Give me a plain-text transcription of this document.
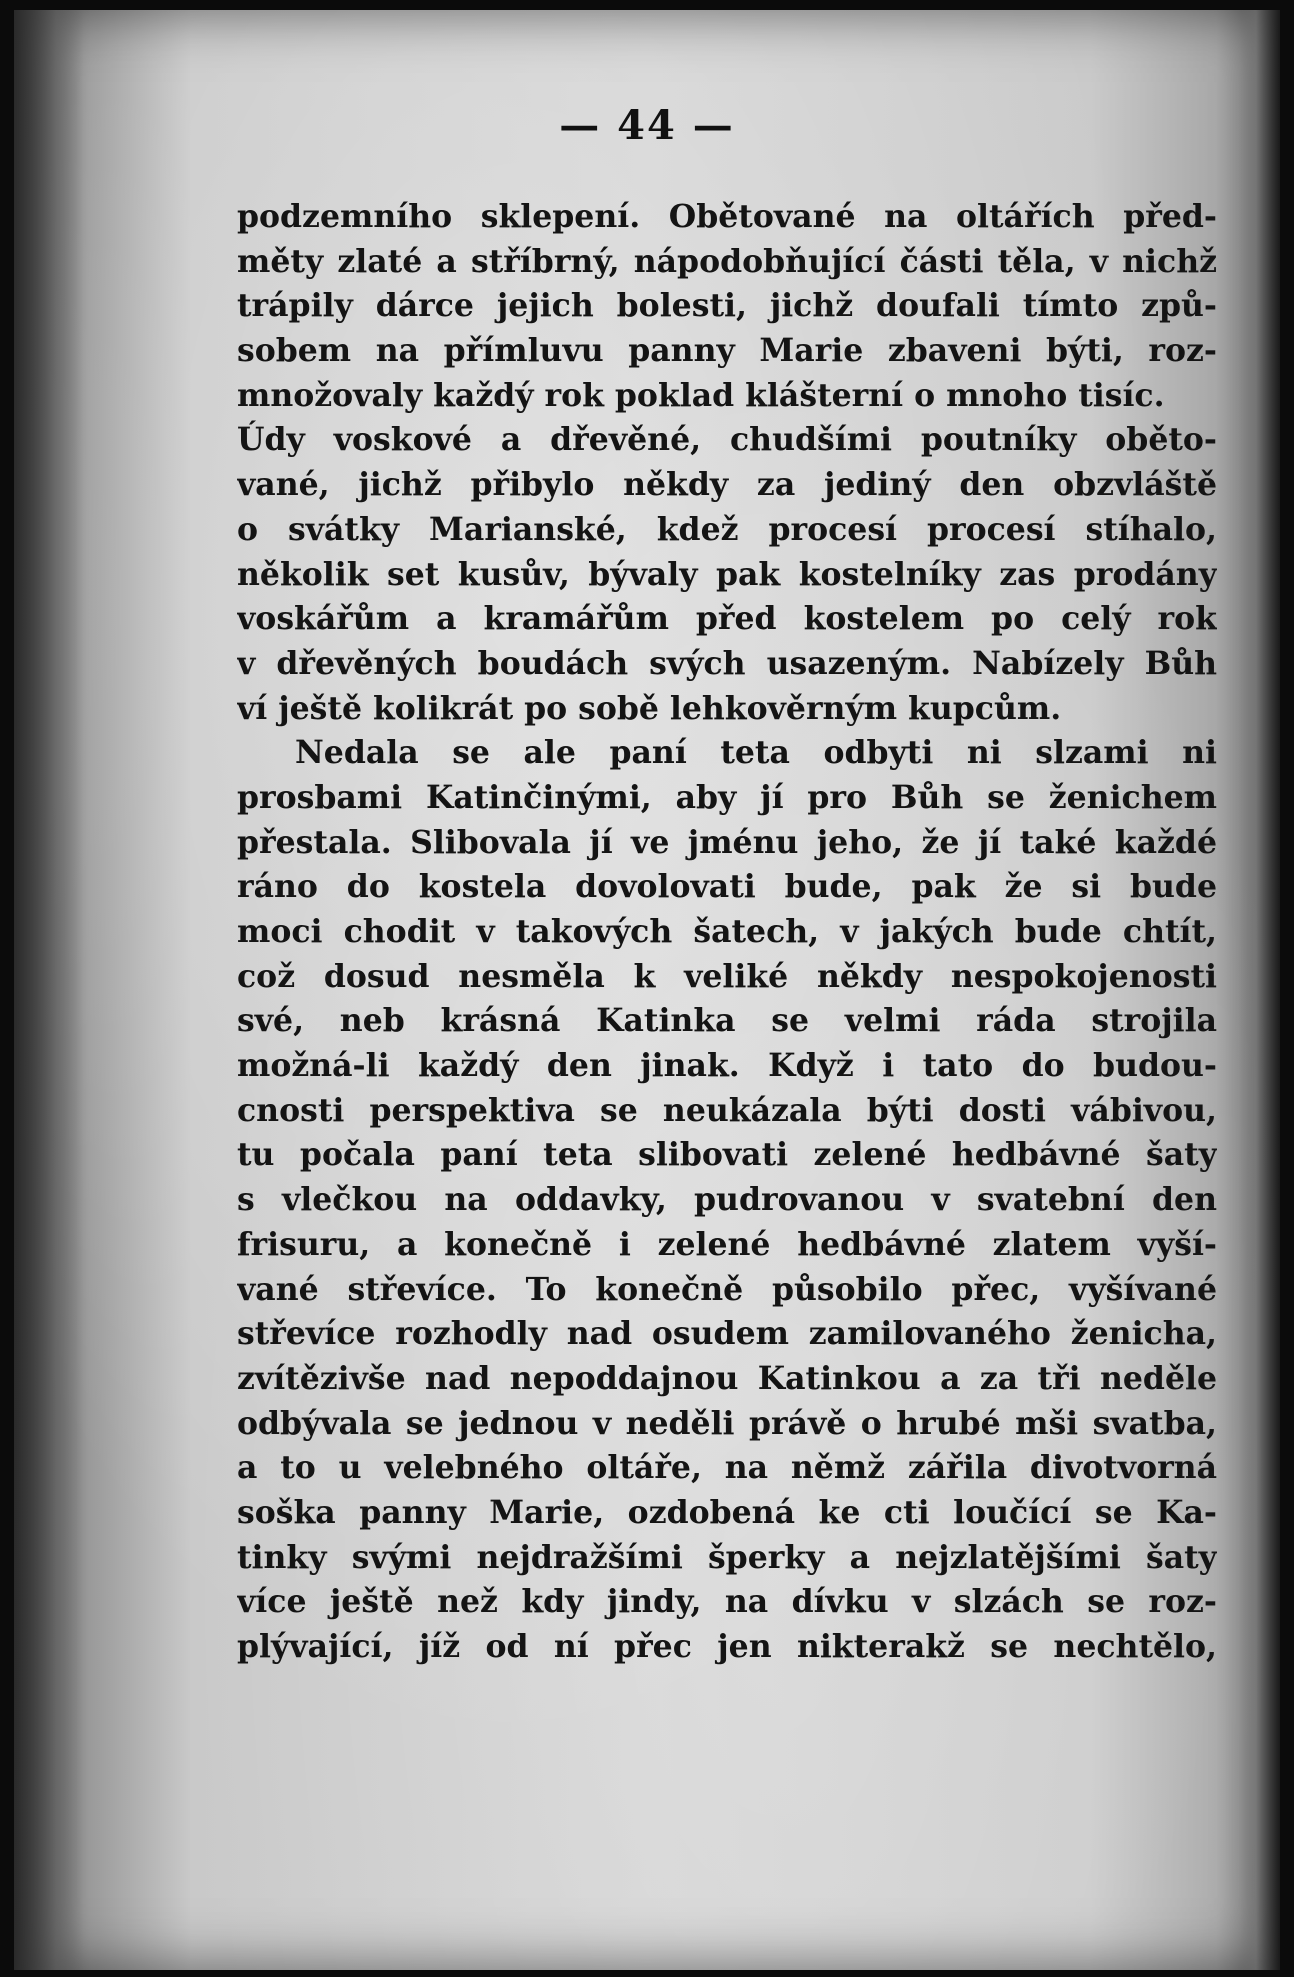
— 44 —
podzemního sklepení. Obětované na oltářích před-
měty zlaté a stříbrný, nápodobňující části těla, v nichž
trápily dárce jejich bolesti, jichž doufali tímto způ-
sobem na přímluvu panny Marie zbaveni býti, roz-
množovaly každý rok poklad klášterní o mnoho tisíc.
Údy voskové a dřevěné, chudšími poutníky oběto-
vané, jichž přibylo někdy za jediný den obzvláště
o svátky Marianské, kdež procesí procesí stíhalo,
několik set kusův, bývaly pak kostelníky zas prodány
voskářům a kramářům před kostelem po celý rok
v dřevěných boudách svých usazeným. Nabízely Bůh
ví ještě kolikrát po sobě lehkověrným kupcům.
Nedala se ale paní teta odbyti ni slzami ni
prosbami Katinčinými, aby jí pro Bůh se ženichem
přestala. Slibovala jí ve jménu jeho, že jí také každé
ráno do kostela dovolovati bude, pak že si bude
moci chodit v takových šatech, v jakých bude chtít,
což dosud nesměla k veliké někdy nespokojenosti
své, neb krásná Katinka se velmi ráda strojila
možná-li každý den jinak. Když i tato do budou-
cnosti perspektiva se neukázala býti dosti vábivou,
tu počala paní teta slibovati zelené hedbávné šaty
s vlečkou na oddavky, pudrovanou v svatební den
frisuru, a konečně i zelené hedbávné zlatem vyší-
vané střevíce. To konečně působilo přec, vyšívané
střevíce rozhodly nad osudem zamilovaného ženicha,
zvítězivše nad nepoddajnou Katinkou a za tři neděle
odbývala se jednou v neděli právě o hrubé mši svatba,
a to u velebného oltáře, na němž zářila divotvorná
soška panny Marie, ozdobená ke cti loučící se Ka-
tinky svými nejdražšími šperky a nejzlatějšími šaty
více ještě než kdy jindy, na dívku v slzách se roz-
plývající, jíž od ní přec jen nikterakž se nechtělo,
